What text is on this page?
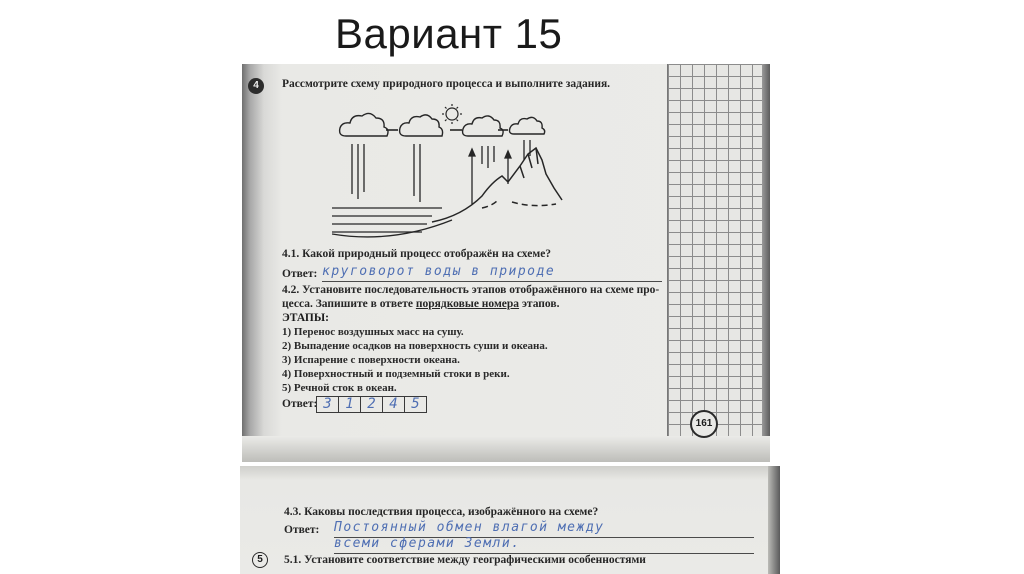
Вариант 15
4	Рассмотрите схему природного процесса и выполните задания.
4.1. Какой природный процесс отображён на схеме?
Ответ: круговорот воды в природе
4.2. Установите последовательность этапов отображённого на схеме про-
цесса. Запишите в ответе порядковые номера этапов.
ЭТАПЫ:
1) Перенос воздушных масс на сушу.
2) Выпадение осадков на поверхность суши и океана.
3) Испарение с поверхности океана.
4) Поверхностный и подземный стоки в реки.
5) Речной сток в океан.
Ответ: 3 1 2 4 5
161
4.3. Каковы последствия процесса, изображённого на схеме?
Ответ: Постоянный обмен влагой между
всеми сферами Земли.
5	5.1. Установите соответствие между географическими особенностями
